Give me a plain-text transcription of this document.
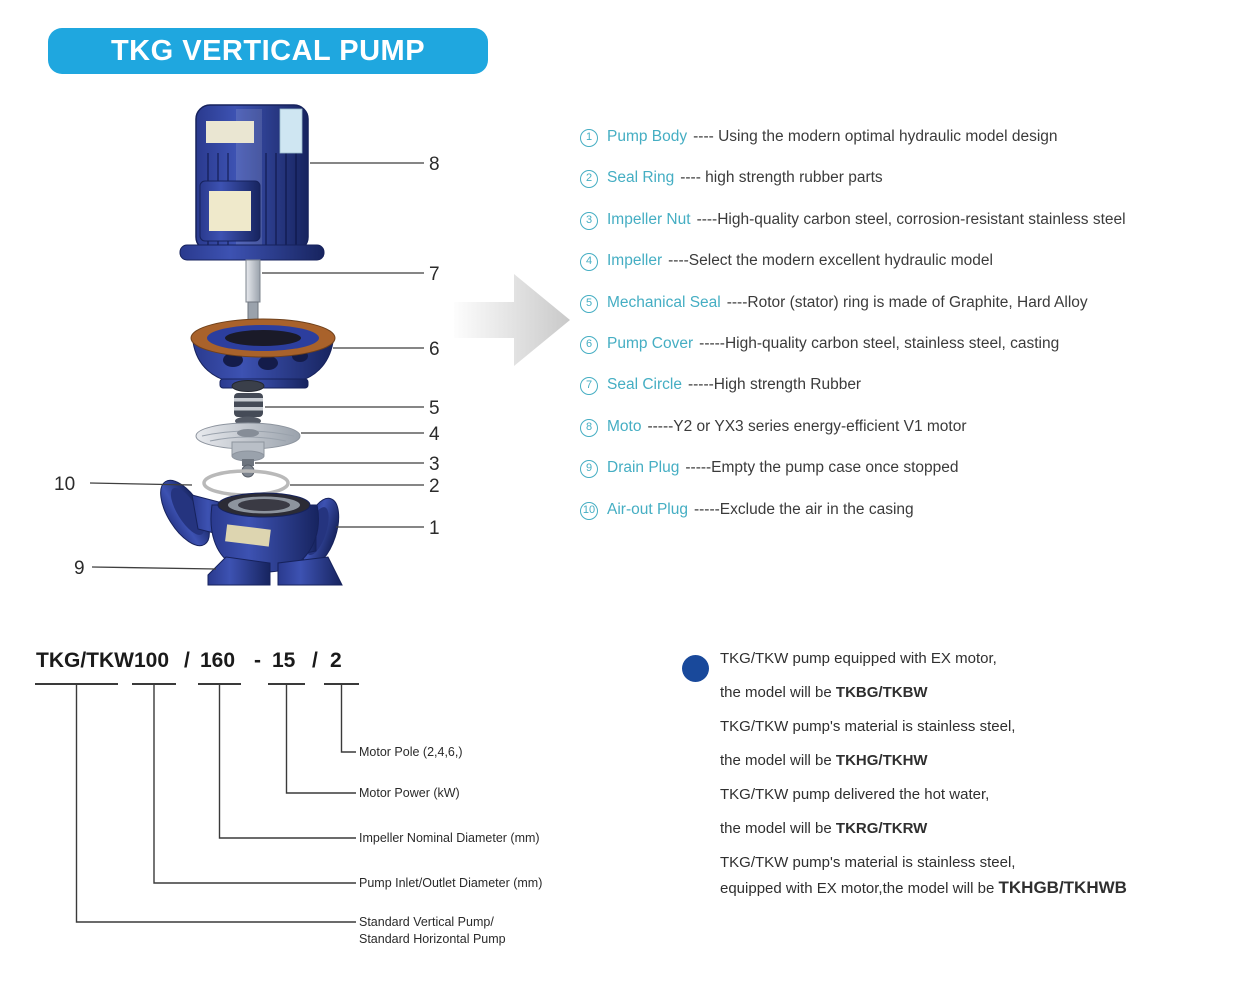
TKG VERTICAL PUMP
8
7
6
5
4
3
2
1
10
9
1 Pump Body ---- Using the modern optimal hydraulic model design
2 Seal Ring ---- high strength rubber parts
3 Impeller Nut ----High-quality carbon steel, corrosion-resistant stainless steel
4 Impeller ----Select the modern excellent hydraulic model
5 Mechanical Seal ----Rotor (stator) ring is made of Graphite, Hard Alloy
6 Pump Cover -----High-quality carbon steel, stainless steel, casting
7 Seal Circle -----High strength Rubber
8 Moto -----Y2 or YX3 series energy-efficient V1 motor
9 Drain Plug -----Empty the pump case once stopped
10 Air-out Plug -----Exclude the air in the casing
TKG/TKW 100 / 160 - 15 / 2
Motor Pole (2,4,6,)
Motor Power (kW)
Impeller Nominal Diameter (mm)
Pump Inlet/Outlet Diameter (mm)
Standard Vertical Pump/
Standard Horizontal Pump

TKG/TKW pump equipped with EX motor,

the model will be TKBG/TKBW

TKG/TKW pump's material is stainless steel,

the model will be TKHG/TKHW

TKG/TKW pump delivered the hot water,

the model will be TKRG/TKRW

TKG/TKW pump's material is stainless steel,

equipped with EX motor,the model will be TKHGB/TKHWB
